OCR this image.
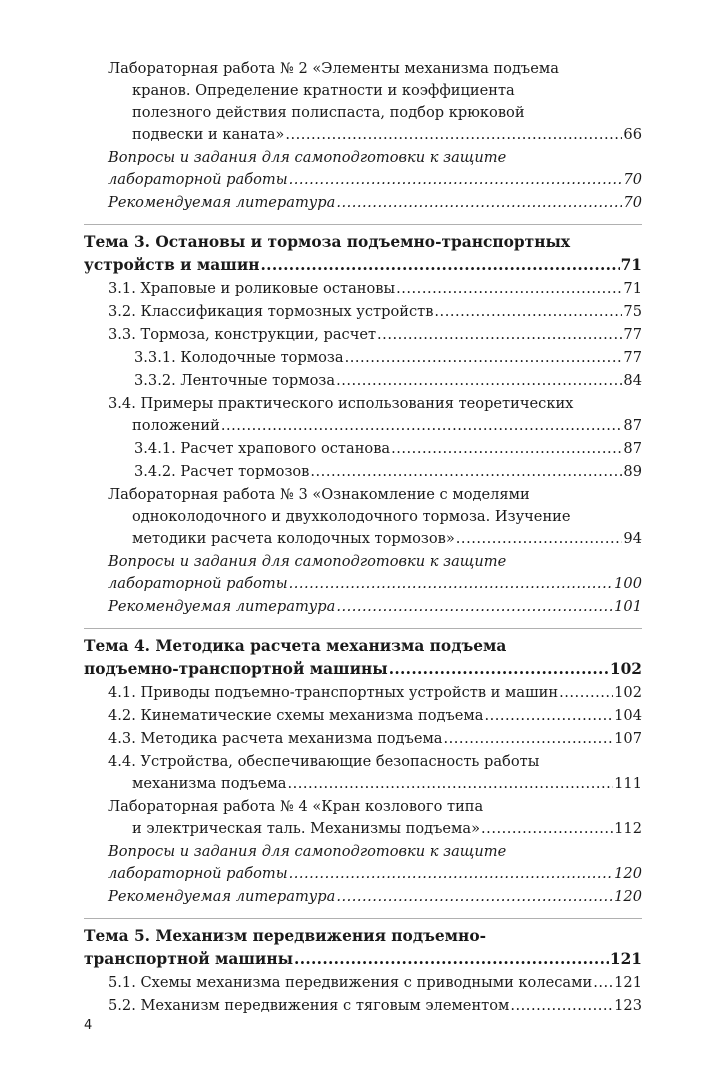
Лабораторная работа № 2 «Элементы механизма подъема
кранов. Определение кратности и коэффициента
полезного действия полиспаста, подбор крюковой
подвески и каната» .....	66
Вопросы и задания для самоподготовки к защите
лабораторной работы .....	70
Рекомендуемая литература .....	70
Тема 3. Остановы и тормоза подъемно-транспортных
устройств и машин .....	71
3.1. Храповые и роликовые остановы .....	71
3.2. Классификация тормозных устройств .....	75
3.3. Тормоза, конструкции, расчет .....	77
3.3.1. Колодочные тормоза .....	77
3.3.2. Ленточные тормоза .....	84
3.4. Примеры практического использования теоретических
положений .....	87
3.4.1. Расчет храпового останова .....	87
3.4.2. Расчет тормозов .....	89
Лабораторная работа № 3 «Ознакомление с моделями
одноколодочного и двухколодочного тормоза. Изучение
методики расчета колодочных тормозов» .....	94
Вопросы и задания для самоподготовки к защите
лабораторной работы .....	100
Рекомендуемая литература .....	101
Тема 4. Методика расчета механизма подъема
подъемно-транспортной машины .....	102
4.1. Приводы подъемно-транспортных устройств и машин .....	102
4.2. Кинематические схемы механизма подъема .....	104
4.3. Методика расчета механизма подъема .....	107
4.4. Устройства, обеспечивающие безопасность работы
механизма подъема .....	111
Лабораторная работа № 4 «Кран козлового типа
и электрическая таль. Механизмы подъема» .....	112
Вопросы и задания для самоподготовки к защите
лабораторной работы .....	120
Рекомендуемая литература .....	120
Тема 5. Механизм передвижения подъемно-
транспортной машины .....	121
5.1. Схемы механизма передвижения с приводными колесами ..... 121
5.2. Механизм передвижения с тяговым элементом .....	123
4
